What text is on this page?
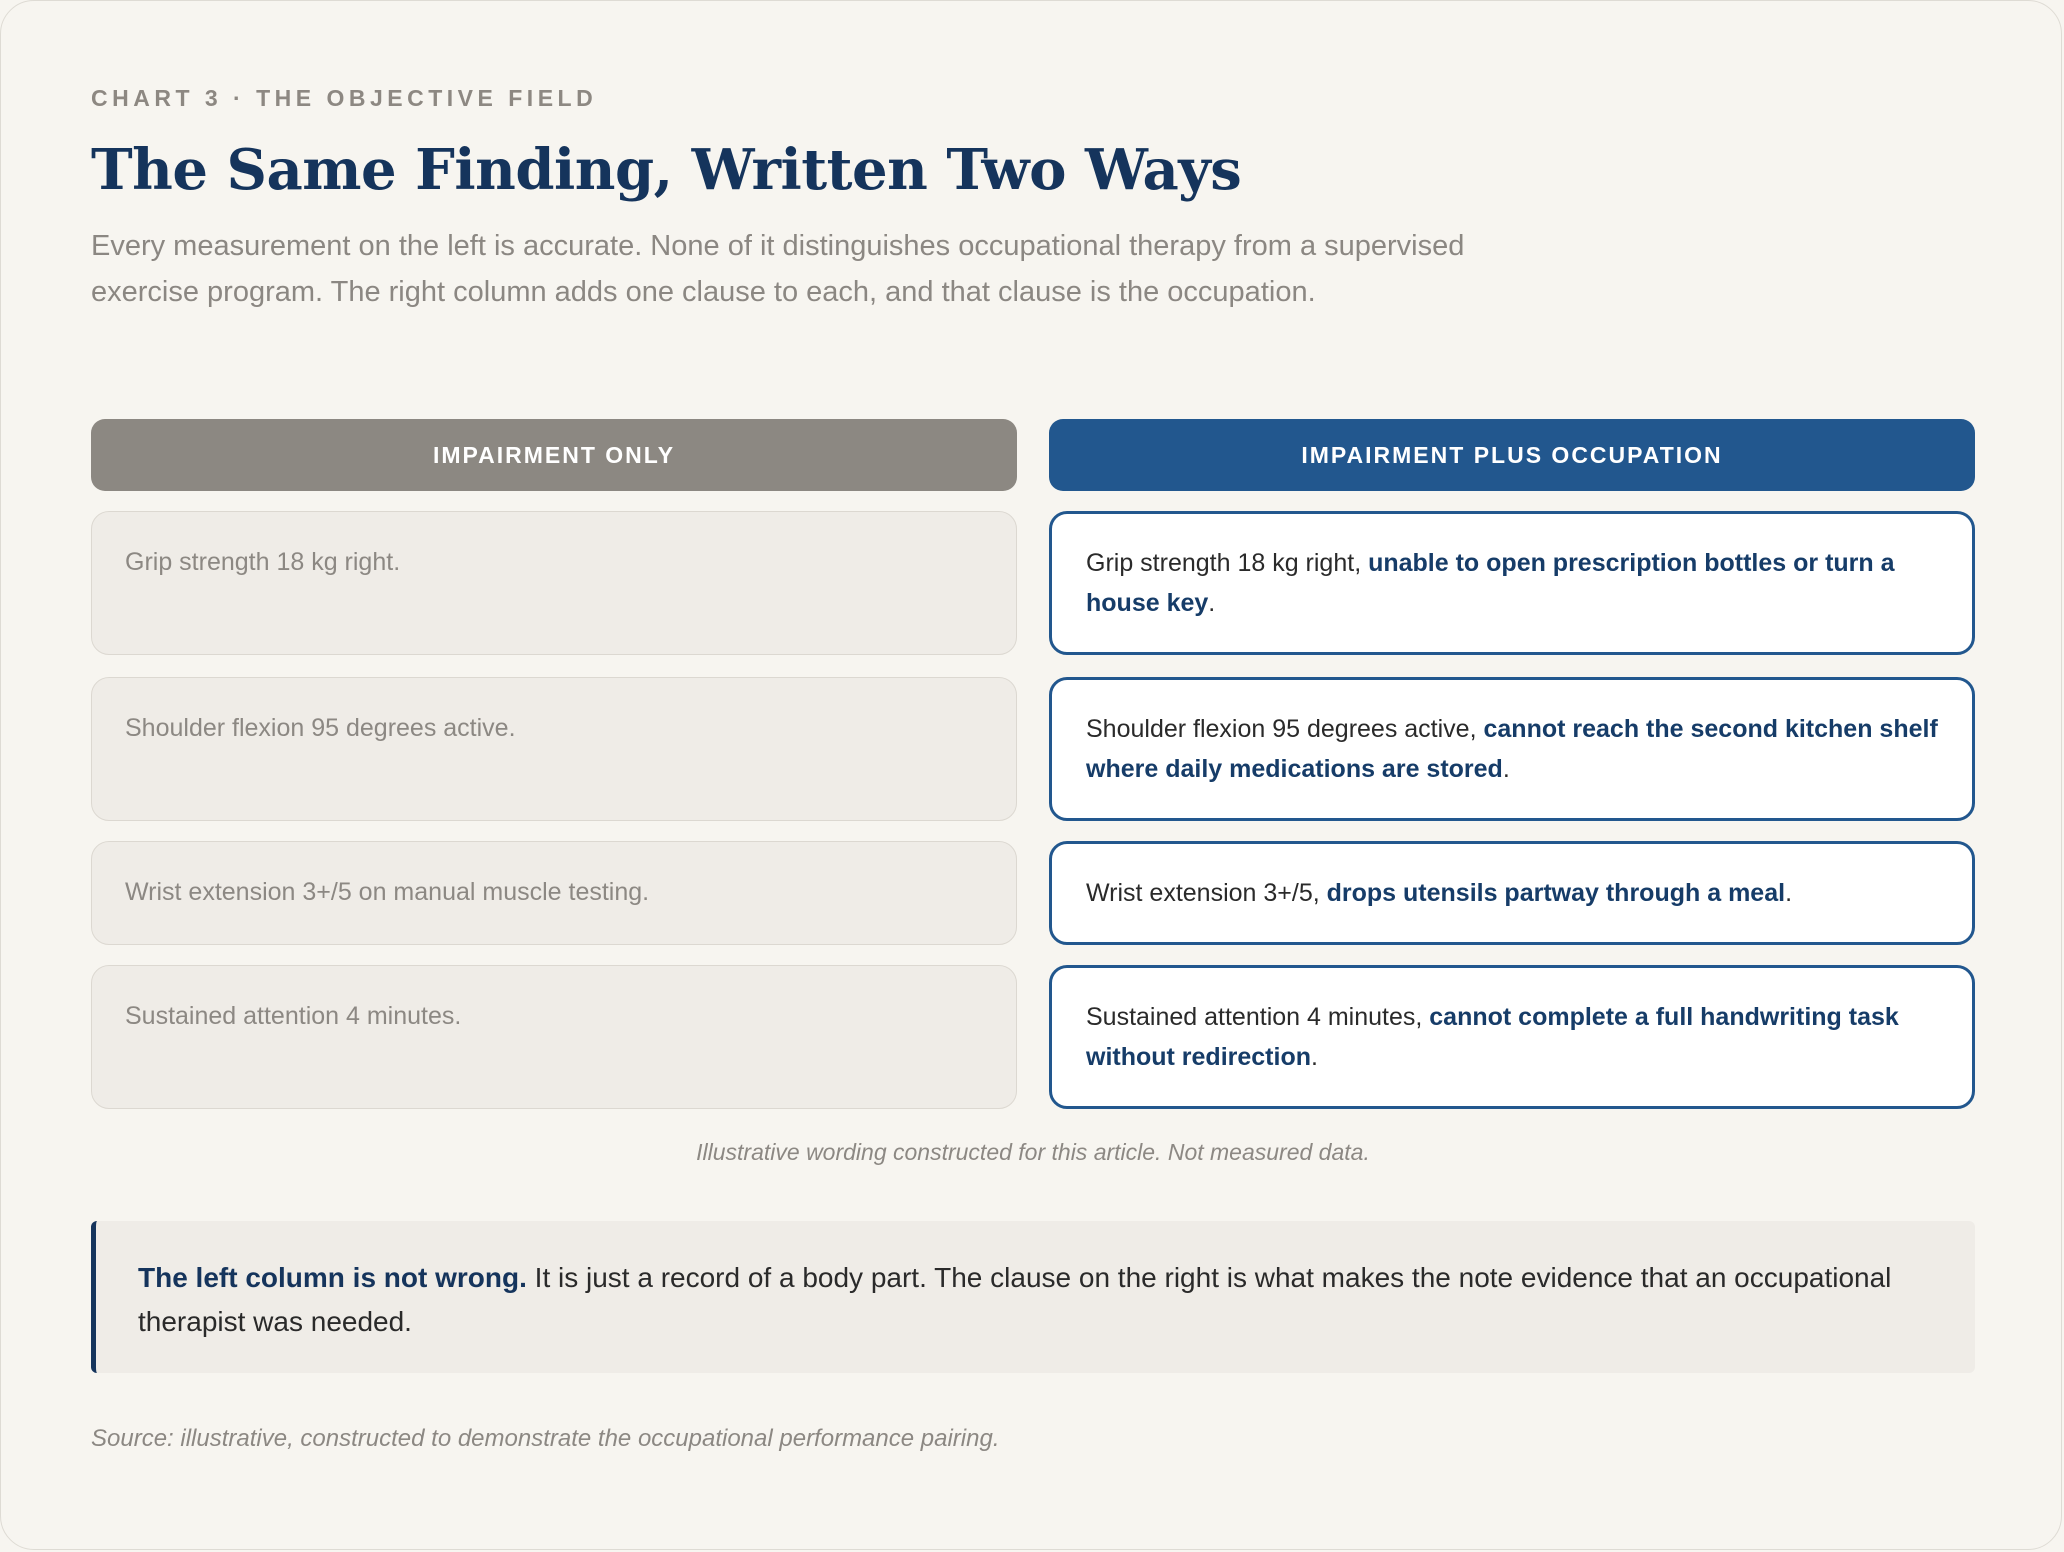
CHART 3 · THE OBJECTIVE FIELD
The Same Finding, Written Two Ways

Every measurement on the left is accurate. None of it distinguishes occupational therapy from a supervised exercise program. The right column adds one clause to each, and that clause is the occupation.

IMPAIRMENT ONLY	IMPAIRMENT PLUS OCCUPATION
Grip strength 18 kg right.	Grip strength 18 kg right, unable to open prescription bottles or turn a house key.
Shoulder flexion 95 degrees active.	Shoulder flexion 95 degrees active, cannot reach the second kitchen shelf where daily medications are stored.
Wrist extension 3+/5 on manual muscle testing.	Wrist extension 3+/5, drops utensils partway through a meal.
Sustained attention 4 minutes.	Sustained attention 4 minutes, cannot complete a full handwriting task without redirection.
Illustrative wording constructed for this article. Not measured data.
The left column is not wrong. It is just a record of a body part. The clause on the right is what makes the note evidence that an occupational therapist was needed.
Source: illustrative, constructed to demonstrate the occupational performance pairing.
